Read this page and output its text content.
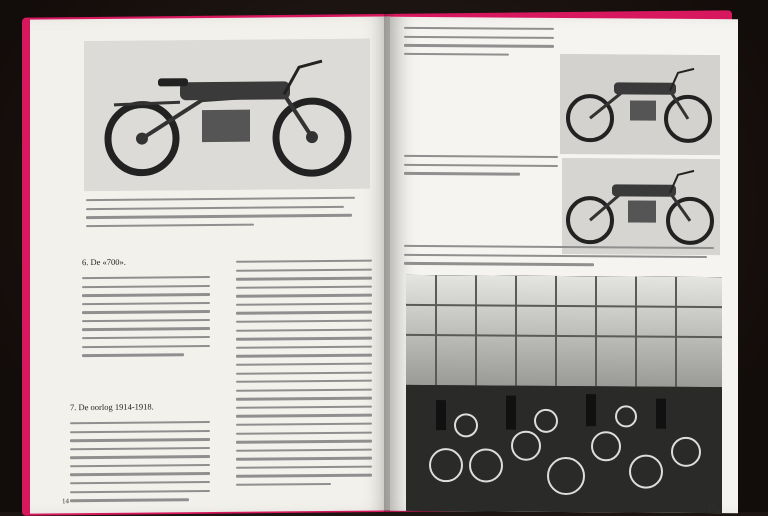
6. De «700».
7. De oorlog 1914-1918.
14
15
